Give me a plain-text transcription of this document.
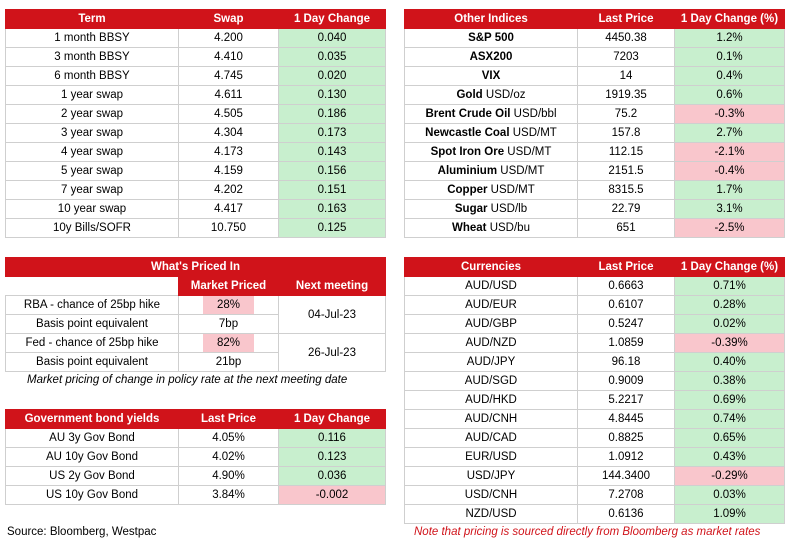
Term	Swap	1 Day Change
1 month BBSY	4.200	0.040
3 month BBSY	4.410	0.035
6 month BBSY	4.745	0.020
1 year swap	4.611	0.130
2 year swap	4.505	0.186
3 year swap	4.304	0.173
4 year swap	4.173	0.143
5 year swap	4.159	0.156
7 year swap	4.202	0.151
10 year swap	4.417	0.163
10y Bills/SOFR	10.750	0.125
Other Indices	Last Price	1 Day Change (%)
S&P 500	4450.38	1.2%
ASX200	7203	0.1%
VIX	14	0.4%
Gold USD/oz	1919.35	0.6%
Brent Crude Oil USD/bbl	75.2	-0.3%
Newcastle Coal USD/MT	157.8	2.7%
Spot Iron Ore USD/MT	112.15	-2.1%
Aluminium USD/MT	2151.5	-0.4%
Copper USD/MT	8315.5	1.7%
Sugar USD/lb	22.79	3.1%
Wheat USD/bu	651	-2.5%
What's Priced In		
	Market Priced	Next meeting
RBA - chance of 25bp hike	28%	04-Jul-23
Basis point equivalent	7bp	
Fed - chance of 25bp hike	82%	26-Jul-23
Basis point equivalent	21bp	
Market pricing of change in policy rate at the next meeting date
Government bond yields	Last Price	1 Day Change
AU 3y Gov Bond	4.05%	0.116
AU 10y Gov Bond	4.02%	0.123
US 2y Gov Bond	4.90%	0.036
US 10y Gov Bond	3.84%	-0.002
Source: Bloomberg, Westpac
Currencies	Last Price	1 Day Change (%)
AUD/USD	0.6663	0.71%
AUD/EUR	0.6107	0.28%
AUD/GBP	0.5247	0.02%
AUD/NZD	1.0859	-0.39%
AUD/JPY	96.18	0.40%
AUD/SGD	0.9009	0.38%
AUD/HKD	5.2217	0.69%
AUD/CNH	4.8445	0.74%
AUD/CAD	0.8825	0.65%
EUR/USD	1.0912	0.43%
USD/JPY	144.3400	-0.29%
USD/CNH	7.2708	0.03%
NZD/USD	0.6136	1.09%
Note that pricing is sourced directly from Bloomberg as market rates
